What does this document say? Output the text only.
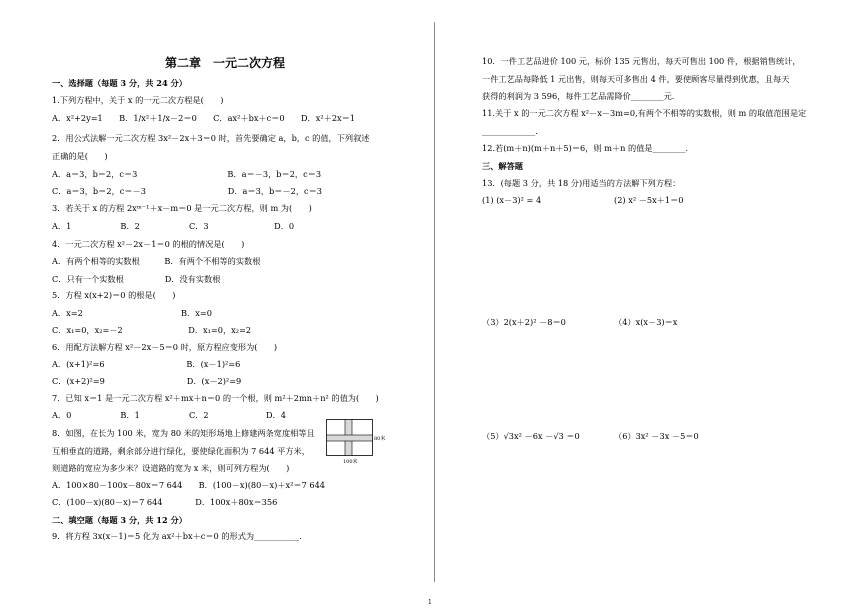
第二章　一元二次方程
一、选择题（每题 3 分，共 24 分）
1.下列方程中，关于 x 的一元二次方程是(　　)
A．x²+2y=1　　B．1/x²＋1/x－2＝0　　C．ax²＋bx＋c＝0　　D．x²＋2x＝1
2．用公式法解一元二次方程 3x²－2x＋3＝0 时，首先要确定 a，b，c 的值，下列叙述
正确的是(　　)
A．a＝3，b＝2，c＝3　　　　　　　　　　　B．a＝－3，b＝2，c＝3
C．a＝3，b＝2，c＝－3　　　　　　　　　　D．a＝3，b＝－2，c＝3
3．若关于 x 的方程 2xᵐ⁻¹＋x－m＝0 是一元二次方程，则 m 为(　　)
A．1　　　　　　B．2　　　　　　C．3　　　　　　　　D．0
4．一元二次方程 x²－2x－1＝0 的根的情况是(　　)
A．有两个相等的实数根　　　B．有两个不相等的实数根
C．只有一个实数根　　　　　D．没有实数根
5．方程 x(x+2)＝0 的根是(　　)
A．x=2　　　　　　　　　　　　B．x=0
C．x₁=0，x₂=－2　　　　　　　　D．x₁=0，x₂=2
6．用配方法解方程 x²－2x－5＝0 时，原方程应变形为(　　)
A．(x+1)²=6　　　　　　　　　　B．(x－1)²=6
C．(x+2)²=9　　　　　　　　　　D．(x－2)²=9
7．已知 x＝1 是一元二次方程 x²＋mx＋n＝0 的一个根，则 m²＋2mn＋n² 的值为(　　)
A．0　　　　　　B．1　　　　　　C．2　　　　　　　D．4
8．如图，在长为 100 米，宽为 80 米的矩形场地上修建两条宽度相等且
互相垂直的道路，剩余部分进行绿化，要使绿化面积为 7 644 平方米，
则道路的宽应为多少米？设道路的宽为 x 米，则可列方程为(　　)
A．100×80－100x－80x＝7 644　　B．(100－x)(80－x)＋x²＝7 644
C．(100－x)(80－x)＝7 644　　　　D．100x＋80x＝356
二、填空题（每题 3 分，共 12 分）
9．将方程 3x(x－1)＝5 化为 ax²＋bx＋c＝0 的形式为___________.
10．一件工艺品进价 100 元，标价 135 元售出，每天可售出 100 件，根据销售统计，
一件工艺品每降低 1 元出售，则每天可多售出 4 件，要使顾客尽量得到优惠，且每天
获得的利润为 3 596，每件工艺品需降价________元.
11.关于 x 的一元二次方程 x²－x－3m=0,有两个不相等的实数根，则 m 的取值范围是定
_____________.
12.若(m＋n)(m＋n＋5)＝6，则 m＋n 的值是________.
三、解答题
13．(每题 3 分，共 18 分)用适当的方法解下列方程：
(1) (x－3)² = 4	(2) x² －5x＋1＝0
（3）2(x＋2)² －8＝0	（4）x(x－3)＝x
（5）√3x² －6x －√3 ＝0	（6）3x² －3x －5＝0
80米
100米
1
